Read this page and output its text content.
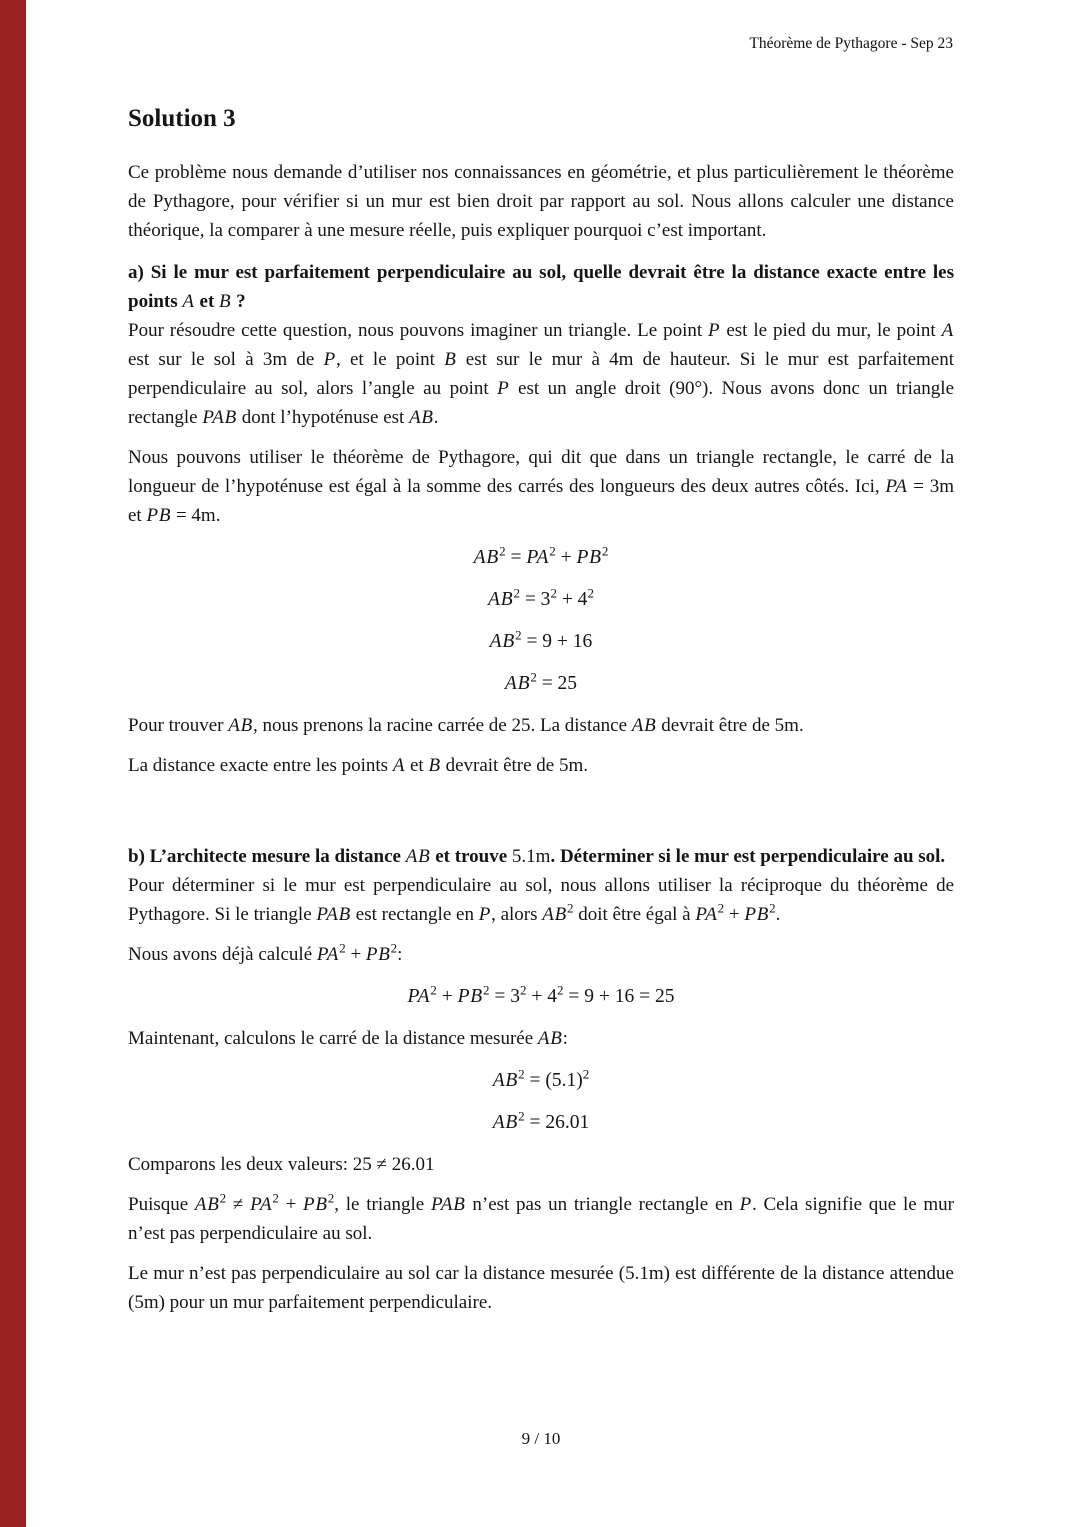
Théorème de Pythagore - Sep 23
Solution 3

Ce problème nous demande d’utiliser nos connaissances en géométrie, et plus particulièrement le théorème de Pythagore, pour vérifier si un mur est bien droit par rapport au sol. Nous allons calculer une distance théorique, la comparer à une mesure réelle, puis expliquer pourquoi c’est important.

a) Si le mur est parfaitement perpendiculaire au sol, quelle devrait être la distance exacte entre les points A et B ?

Pour résoudre cette question, nous pouvons imaginer un triangle. Le point P est le pied du mur, le point A est sur le sol à 3m de P, et le point B est sur le mur à 4m de hauteur. Si le mur est parfaitement perpendiculaire au sol, alors l’angle au point P est un angle droit (90°). Nous avons donc un triangle rectangle PAB dont l’hypoténuse est AB.

Nous pouvons utiliser le théorème de Pythagore, qui dit que dans un triangle rectangle, le carré de la longueur de l’hypoténuse est égal à la somme des carrés des longueurs des deux autres côtés. Ici, PA = 3m et PB = 4m.

$AB^2 = PA^2 + PB^2$
$AB^2 = 3^2 + 4^2$
$AB^2 = 9 + 16$
$AB^2 = 25$

Pour trouver AB, nous prenons la racine carrée de 25. La distance AB devrait être de 5m.

La distance exacte entre les points A et B devrait être de 5m.

b) L’architecte mesure la distance AB et trouve 5.1m. Déterminer si le mur est perpendiculaire au sol.

Pour déterminer si le mur est perpendiculaire au sol, nous allons utiliser la réciproque du théorème de Pythagore. Si le triangle PAB est rectangle en P, alors $AB^2$ doit être égal à $PA^2 + PB^2$.

Nous avons déjà calculé $PA^2 + PB^2$:

$PA^2 + PB^2 = 3^2 + 4^2 = 9 + 16 = 25$

Maintenant, calculons le carré de la distance mesurée AB:

$AB^2 = (5.1)^2$
$AB^2 = 26.01$

Comparons les deux valeurs: 25 ≠ 26.01

Puisque $AB^2 \ne PA^2 + PB^2$, le triangle PAB n’est pas un triangle rectangle en P. Cela signifie que le mur n’est pas perpendiculaire au sol.

Le mur n’est pas perpendiculaire au sol car la distance mesurée (5.1m) est différente de la distance attendue (5m) pour un mur parfaitement perpendiculaire.

9 / 10
